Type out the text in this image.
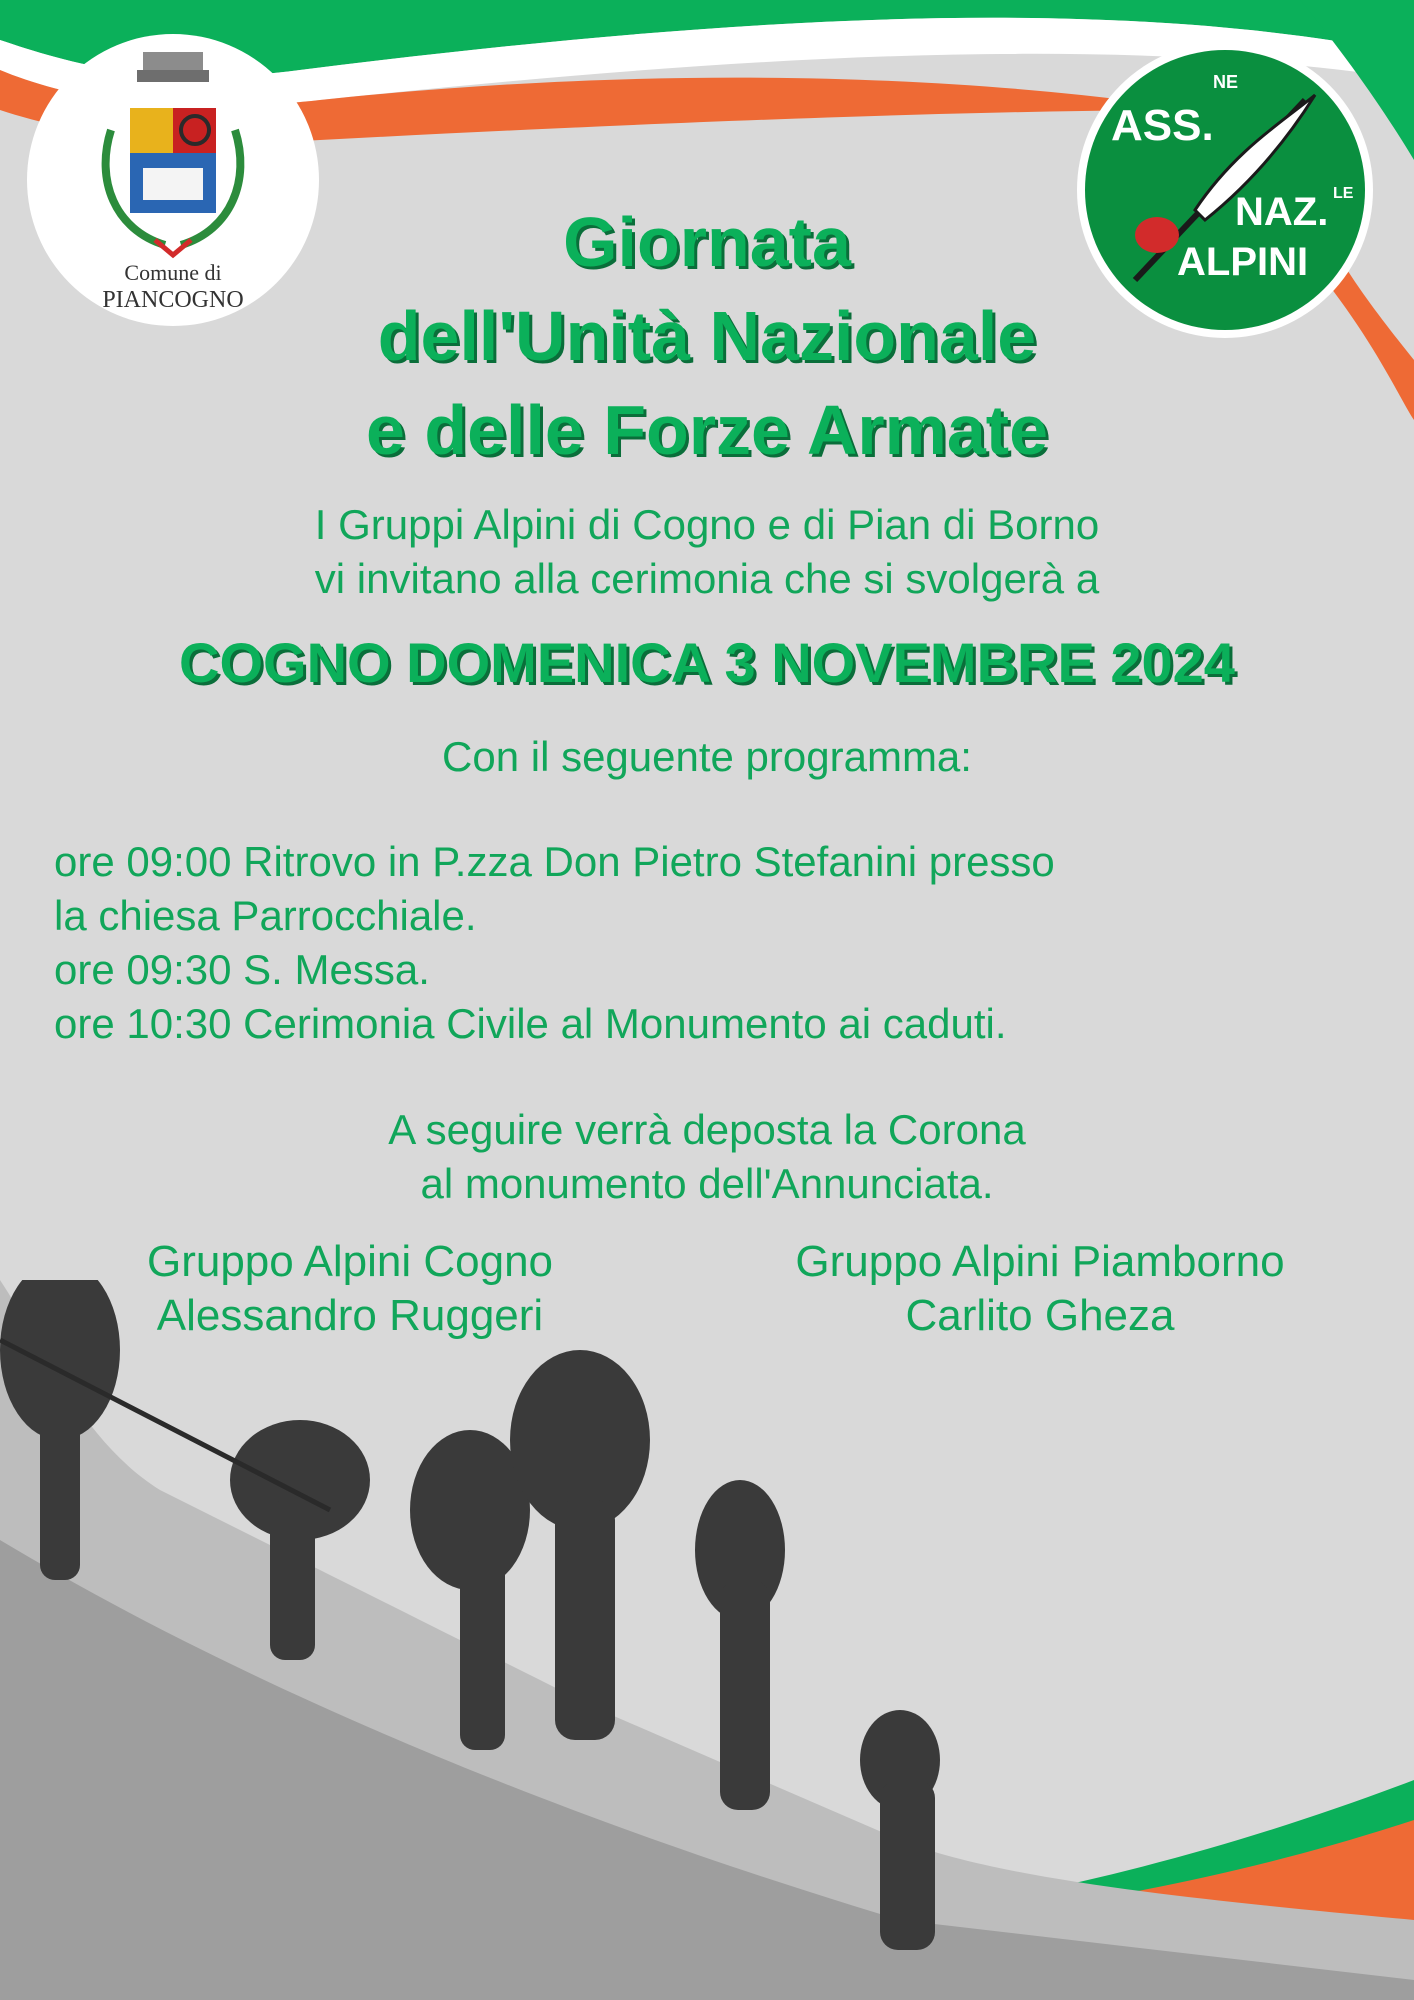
Comune di
PIANCOGNO
ASS.
NE
NAZ. LE
ALPINI
Giornata
dell'Unità Nazionale
e delle Forze Armate
I Gruppi Alpini di Cogno e di Pian di Borno
vi invitano alla cerimonia che si svolgerà a
COGNO DOMENICA 3 NOVEMBRE 2024
Con il seguente programma:
ore 09:00 Ritrovo in P.zza Don Pietro Stefanini presso
la chiesa Parrocchiale.
ore 09:30 S. Messa.
ore 10:30 Cerimonia Civile al Monumento ai caduti.
A seguire verrà deposta la Corona
al monumento dell'Annunciata.
Gruppo Alpini Cogno
Alessandro Ruggeri
Gruppo Alpini Piamborno
Carlito Gheza
